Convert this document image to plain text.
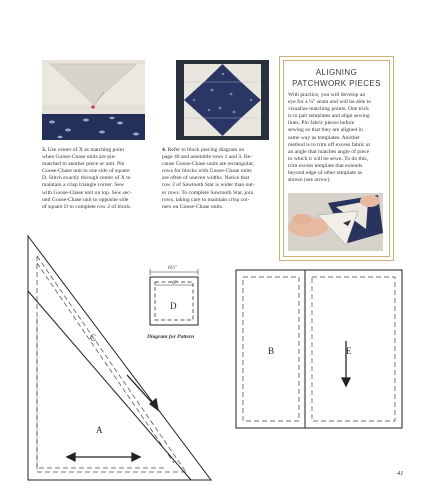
3. Use center of X as matching point
when Goose-Chase units are pin-
matched to another piece or unit. Pin
Goose-Chase unit to one side of square
D. Stitch exactly through center of X to
maintain a crisp triangle corner. Sew
with Goose-Chase unit on top. Sew sec-
ond Goose-Chase unit to opposite side
of square D to complete row 2 of block.
4. Refer to block piecing diagram on
page 40 and assemble rows 1 and 3. Be-
cause Goose-Chase units are rectangular,
rows for blocks with Goose-Chase units
are often of uneven widths. Notice that
row 2 of Sawtooth Star is wider than out-
er rows. To complete Sawtooth Star, join
rows, taking care to maintain crisp cor-
ners on Goose-Chase units.
ALIGNING PATCHWORK PIECES
With practice, you will develop an
eye for a ¼" seam and will be able to
visualize matching points. One trick
is to pair templates and align sewing
lines. Pin fabric pieces before
sewing so that they are aligned in
same way as templates. Another
method is to trim off excess fabric at
an angle that matches angle of piece
to which it will be sewn. To do this,
trim excess template that extends
beyond edge of other template as
shown (see arrow).
C
A
D
B	E
6½"
6"
Diagram for Pattern
41
